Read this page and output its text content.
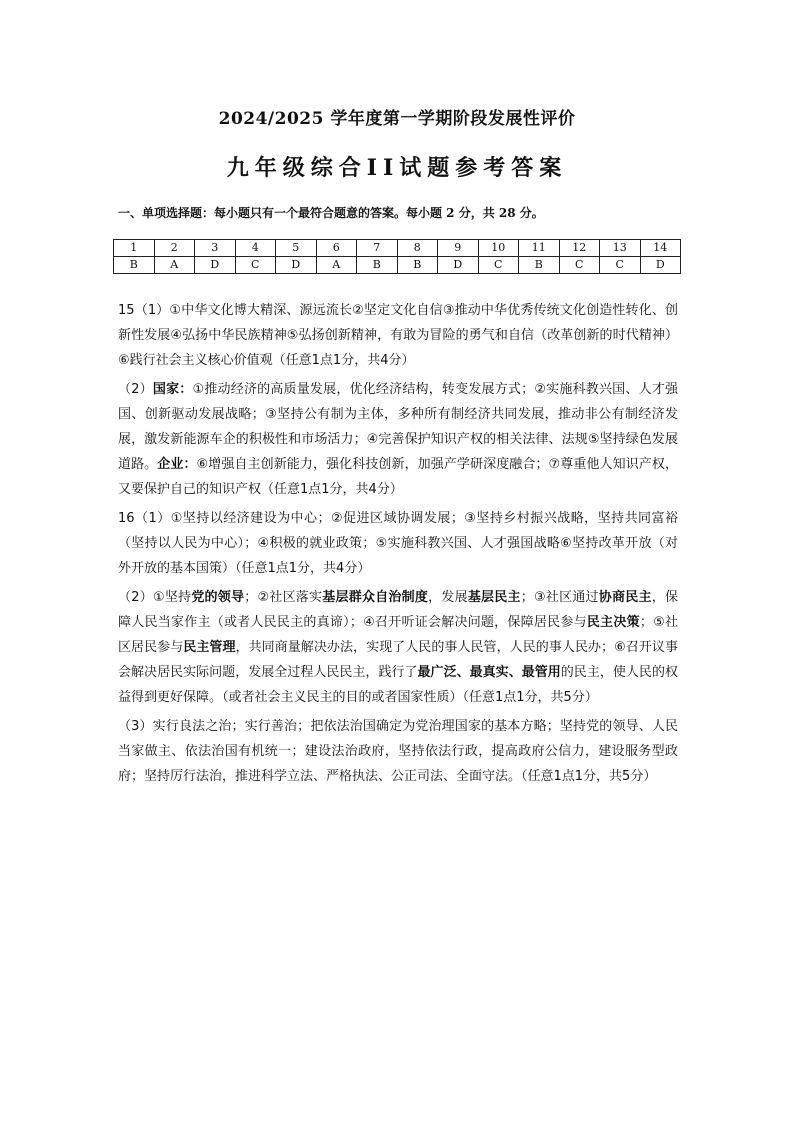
2024/2025 学年度第一学期阶段发展性评价
九年级综合II试题参考答案
一、单项选择题：每小题只有一个最符合题意的答案。每小题 2 分，共 28 分。
1	2	3	4	5	6	7	8	9	10	11	12	13	14
B	A	D	C	D	A	B	B	D	C	B	C	C	D

15（1）①中华文化博大精深、源远流长②坚定文化自信③推动中华优秀传统文化创造性转化、创新性发展④弘扬中华民族精神⑤弘扬创新精神，有敢为冒险的勇气和自信（改革创新的时代精神）⑥践行社会主义核心价值观（任意1点1分，共4分）

（2）国家：①推动经济的高质量发展，优化经济结构，转变发展方式；②实施科教兴国、人才强国、创新驱动发展战略；③坚持公有制为主体，多种所有制经济共同发展，推动非公有制经济发展，激发新能源车企的积极性和市场活力；④完善保护知识产权的相关法律、法规⑤坚持绿色发展道路。企业：⑥增强自主创新能力，强化科技创新，加强产学研深度融合；⑦尊重他人知识产权，又要保护自己的知识产权（任意1点1分，共4分）

16（1）①坚持以经济建设为中心；②促进区域协调发展；③坚持乡村振兴战略，坚持共同富裕（坚持以人民为中心）；④积极的就业政策；⑤实施科教兴国、人才强国战略⑥坚持改革开放（对外开放的基本国策）（任意1点1分，共4分）

（2）①坚持党的领导；②社区落实基层群众自治制度，发展基层民主；③社区通过协商民主，保障人民当家作主（或者人民民主的真谛）；④召开听证会解决问题，保障居民参与民主决策；⑤社区居民参与民主管理，共同商量解决办法，实现了人民的事人民管，人民的事人民办；⑥召开议事会解决居民实际问题，发展全过程人民民主，践行了最广泛、最真实、最管用的民主，使人民的权益得到更好保障。（或者社会主义民主的目的或者国家性质）（任意1点1分，共5分）

（3）实行良法之治；实行善治；把依法治国确定为党治理国家的基本方略；坚持党的领导、人民当家做主、依法治国有机统一；建设法治政府，坚持依法行政，提高政府公信力，建设服务型政府；坚持厉行法治，推进科学立法、严格执法、公正司法、全面守法。（任意1点1分，共5分）
